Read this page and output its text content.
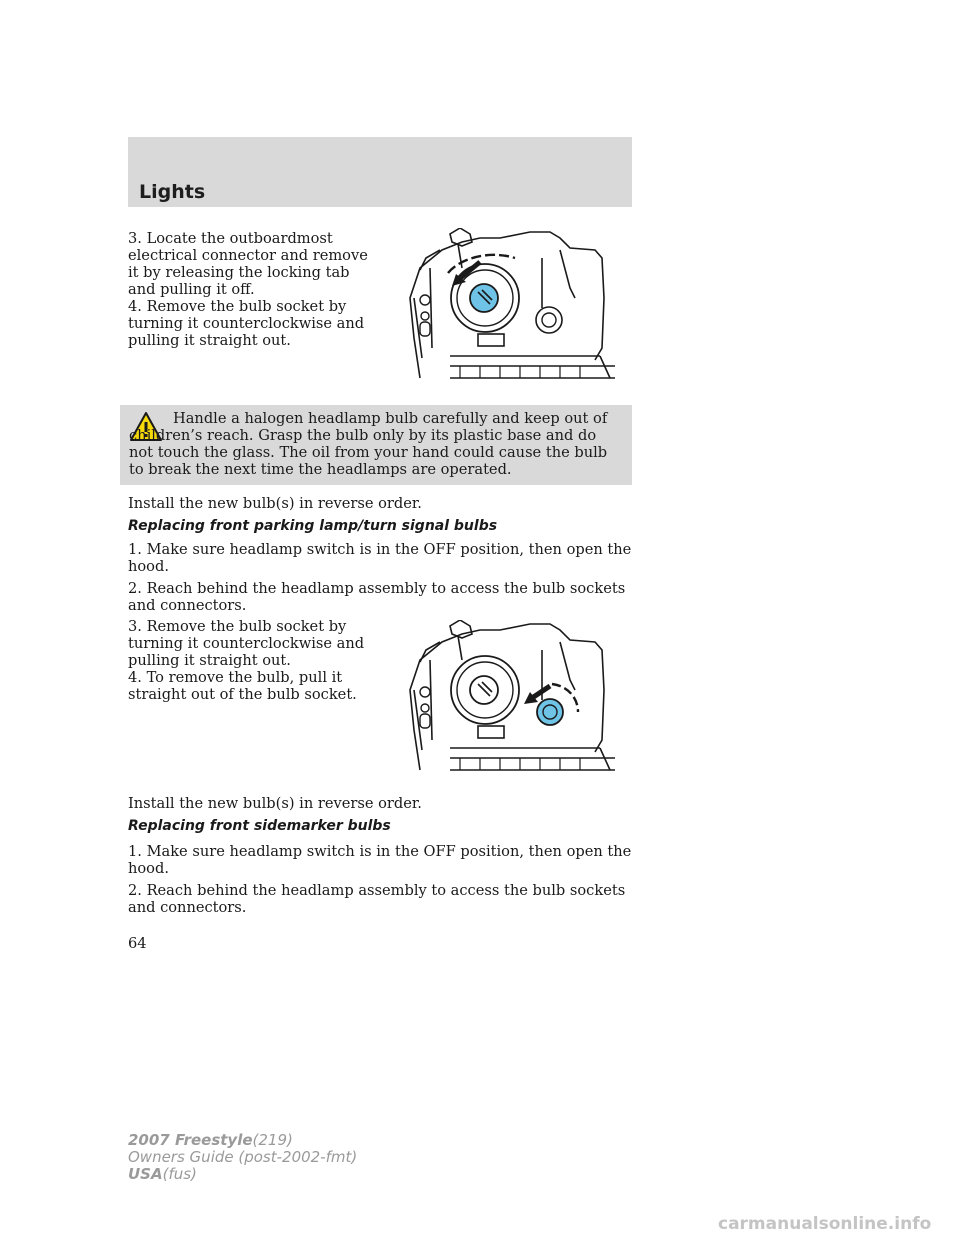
Lights

3. Locate the outboardmost electrical connector and remove it by releasing the locking tab and pulling it off.

4. Remove the bulb socket by turning it counterclockwise and pulling it straight out.

Handle a halogen headlamp bulb carefully and keep out of children’s reach. Grasp the bulb only by its plastic base and do not touch the glass. The oil from your hand could cause the bulb to break the next time the headlamps are operated.

Install the new bulb(s) in reverse order.

Replacing front parking lamp/turn signal bulbs

1. Make sure headlamp switch is in the OFF position, then open the hood.

2. Reach behind the headlamp assembly to access the bulb sockets and connectors.

3. Remove the bulb socket by turning it counterclockwise and pulling it straight out.

4. To remove the bulb, pull it straight out of the bulb socket.

Install the new bulb(s) in reverse order.

Replacing front sidemarker bulbs

1. Make sure headlamp switch is in the OFF position, then open the hood.

2. Reach behind the headlamp assembly to access the bulb sockets and connectors.

64
2007 Freestyle(219)
Owners Guide (post-2002-fmt)
USA(fus)
carmanualsonline.info
